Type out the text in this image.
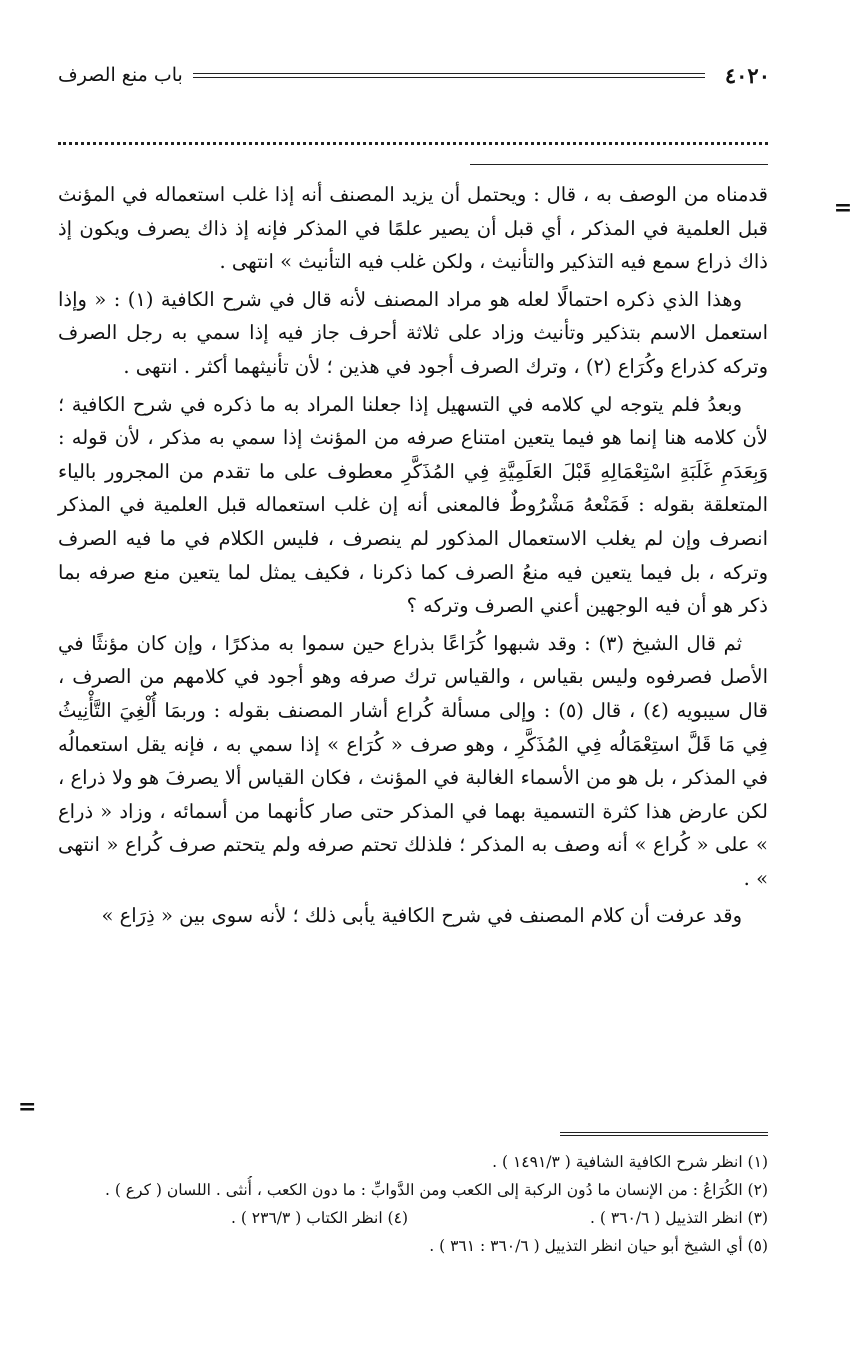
٤٠٢٠
باب منع الصرف
=

قدمناه من الوصف به ، قال : ويحتمل أن يزيد المصنف أنه إذا غلب استعماله في المؤنث قبل العلمية في المذكر ، أي قبل أن يصير علمًا في المذكر فإنه إذ ذاك يصرف ويكون إذ ذاك ذراع سمع فيه التذكير والتأنيث ، ولكن غلب فيه التأنيث » انتهى .

وهذا الذي ذكره احتمالًا لعله هو مراد المصنف لأنه قال في شرح الكافية (١) : « وإذا استعمل الاسم بتذكير وتأنيث وزاد على ثلاثة أحرف جاز فيه إذا سمي به رجل الصرف وتركه كذراع وكُرَاع (٢) ، وترك الصرف أجود في هذين ؛ لأن تأنيثهما أكثر . انتهى .

وبعدُ فلم يتوجه لي كلامه في التسهيل إذا جعلنا المراد به ما ذكره في شرح الكافية ؛ لأن كلامه هنا إنما هو فيما يتعين امتناع صرفه من المؤنث إذا سمي به مذكر ، لأن قوله : وَبِعَدَمِ غَلَبَةِ اسْتِعْمَالِهِ قَبْلَ العَلَمِيَّةِ فِي المُذَكَّرِ معطوف على ما تقدم من المجرور بالياء المتعلقة بقوله : فَمَنْعهُ مَشْرُوطٌ فالمعنى أنه إن غلب استعماله قبل العلمية في المذكر انصرف وإن لم يغلب الاستعمال المذكور لم ينصرف ، فليس الكلام في ما فيه الصرف وتركه ، بل فيما يتعين فيه منعُ الصرف كما ذكرنا ، فكيف يمثل لما يتعين منع صرفه بما ذكر هو أن فيه الوجهين أعني الصرف وتركه ؟

ثم قال الشيخ (٣) : وقد شبهوا كُرَاعًا بذراع حين سموا به مذكرًا ، وإن كان مؤنثًا في الأصل فصرفوه وليس بقياس ، والقياس ترك صرفه وهو أجود في كلامهم من الصرف ، قال سيبويه (٤) ، قال (٥) : وإلى مسألة كُراع أشار المصنف بقوله : وربمَا أُلْغِيَ التَّأْنِيثُ فِي مَا قَلَّ استِعْمَالُه فِي المُذَكَّرِ ، وهو صرف « كُرَاع » إذا سمي به ، فإنه يقل استعمالُه في المذكر ، بل هو من الأسماء الغالبة في المؤنث ، فكان القياس ألا يصرفَ هو ولا ذراع ، لكن عارض هذا كثرة التسمية بهما في المذكر حتى صار كأنهما من أسمائه ، وزاد « ذراع » على « كُراع » أنه وصف به المذكر ؛ فلذلك تحتم صرفه ولم يتحتم صرف كُراع « انتهى » .

وقد عرفت أن كلام المصنف في شرح الكافية يأبى ذلك ؛ لأنه سوى بين « ذِرَاع »

=
(١) انظر شرح الكافية الشافية ( ١٤٩١/٣ ) .
(٢) الكُرَاعُ : من الإنسان ما دُون الركبة إلى الكعب ومن الدَّوابِّ : ما دون الكعب ، أُنثى . اللسان ( كرع ) .
(٣) انظر التذييل ( ٣٦٠/٦ ) .
(٤) انظر الكتاب ( ٢٣٦/٣ ) .
(٥) أي الشيخ أبو حيان انظر التذييل ( ٣٦٠/٦ : ٣٦١ ) .
